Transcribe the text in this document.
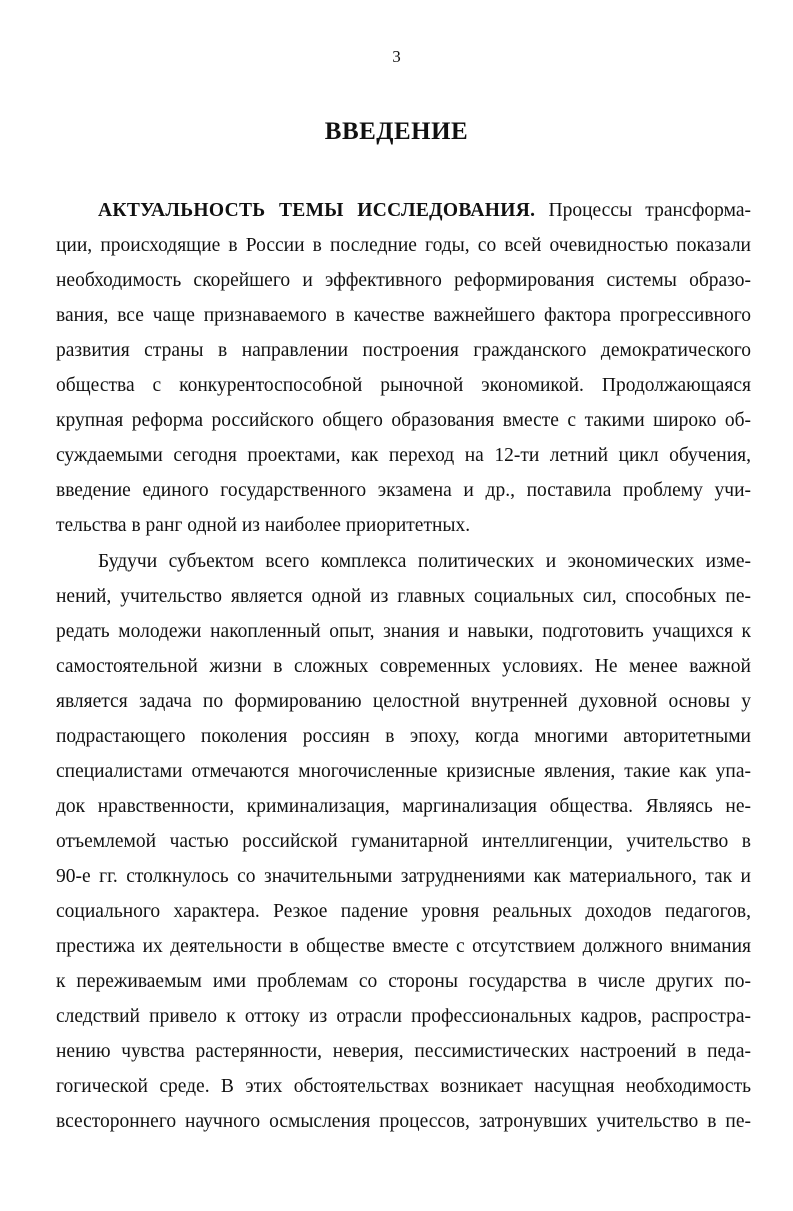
3
ВВЕДЕНИЕ
АКТУАЛЬНОСТЬ ТЕМЫ ИССЛЕДОВАНИЯ. Процессы трансформа-
ции, происходящие в России в последние годы, со всей очевидностью показали
необходимость скорейшего и эффективного реформирования системы образо-
вания, все чаще признаваемого в качестве важнейшего фактора прогрессивного
развития страны в направлении построения гражданского демократического
общества с конкурентоспособной рыночной экономикой. Продолжающаяся
крупная реформа российского общего образования вместе с такими широко об-
суждаемыми сегодня проектами, как переход на 12-ти летний цикл обучения,
введение единого государственного экзамена и др., поставила проблему учи-
тельства в ранг одной из наиболее приоритетных.
Будучи субъектом всего комплекса политических и экономических изме-
нений, учительство является одной из главных социальных сил, способных пе-
редать молодежи накопленный опыт, знания и навыки, подготовить учащихся к
самостоятельной жизни в сложных современных условиях. Не менее важной
является задача по формированию целостной внутренней духовной основы у
подрастающего поколения россиян в эпоху, когда многими авторитетными
специалистами отмечаются многочисленные кризисные явления, такие как упа-
док нравственности, криминализация, маргинализация общества. Являясь не-
отъемлемой частью российской гуманитарной интеллигенции, учительство в
90-е гг. столкнулось со значительными затруднениями как материального, так и
социального характера. Резкое падение уровня реальных доходов педагогов,
престижа их деятельности в обществе вместе с отсутствием должного внимания
к переживаемым ими проблемам со стороны государства в числе других по-
следствий привело к оттоку из отрасли профессиональных кадров, распростра-
нению чувства растерянности, неверия, пессимистических настроений в педа-
гогической среде. В этих обстоятельствах возникает насущная необходимость
всестороннего научного осмысления процессов, затронувших учительство в пе-
